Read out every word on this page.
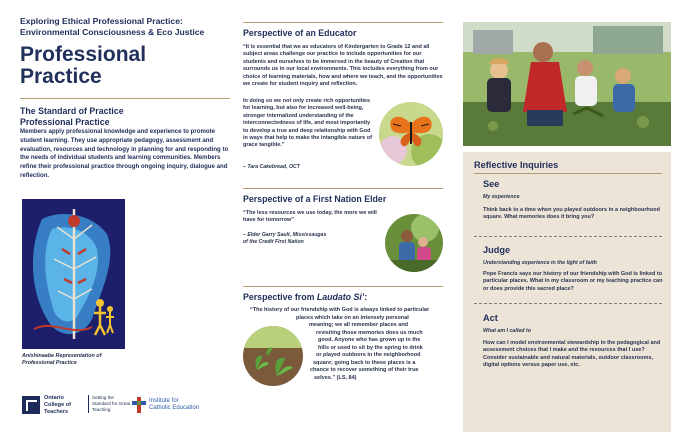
Exploring Ethical Professional Practice: Environmental Consciousness & Eco Justice
Professional
Practice
The Standard of Practice
Professional Practice
Members apply professional knowledge and experience to promote student learning. They use appropriate pedagogy, assessment and evaluation, resources and technology in planning for and responding to the needs of individual students and learning communities. Members refine their professional practice through ongoing inquiry, dialogue and reflection.
Anishinaabe Representation of
Professional Practice
Ontario College of Teachers
Setting the Standard for Great Teaching
Institute for
Catholic Education
Perspective of an Educator
“It is essential that we as educators of Kindergarten to Grade 12 and all subject areas challenge our practice to include opportunities for our students and ourselves to be immersed in the beauty of Creation that surrounds us in our local environments. This includes everything from our choice of learning materials, how and where we teach, and the opportunities we create for student inquiry and reflection.
In doing so we not only create rich opportunities for learning, but also for increased well-being, stronger internalized understanding of the interconnectedness of life, and most importantly to develop a true and deep relationship with God in ways that help to make the intangible nature of grace tangible.”
– Tara Cakebread, OCT
Perspective of a First Nation Elder
“The less resources we use today, the more we will have for tomorrow”
– Elder Garry Sault, Mississaugas
of the Credit First Nation
Perspective from Laudato Si’:
“The history of our friendship with God is always linked to particular
places which take on an intensely personal
meaning; we all remember places and
revisiting those memories does us much
good. Anyone who has grown up in the
hills or used to sit by the spring to drink
or played outdoors in the neighborhood
square; going back to these places is a
chance to recover something of their true
selves.” (LS, 84)
Reflective Inquiries
See
My experience
Think back to a time when you played outdoors in a neighbourhood square. What memories does it bring you?
Judge
Understanding experience in the light of faith
Pope Francis says our history of our friendship with God is linked to particular places. What in my classroom or my teaching practice can or does provide this sacred place?
Act
What am I called to
How can I model environmental stewardship in the pedagogical and assessment choices that I make and the resources that I use? Consider sustainable and natural materials, outdoor classrooms, digital options versus paper use, etc.
